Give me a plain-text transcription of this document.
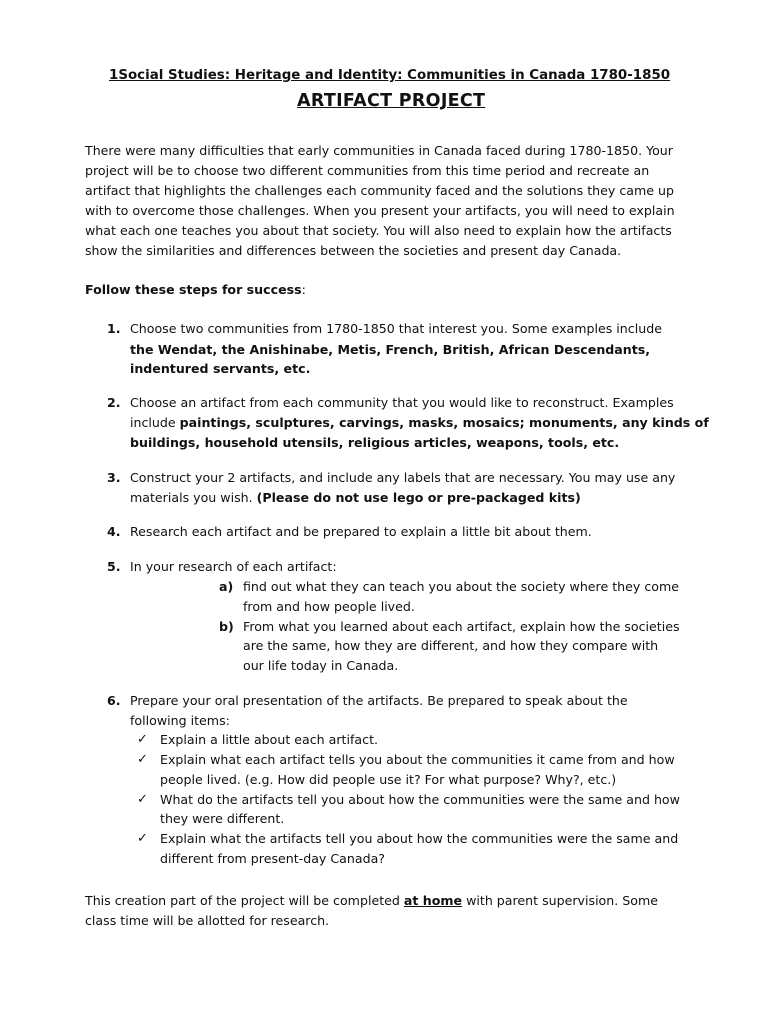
1Social Studies: Heritage and Identity: Communities in Canada 1780-1850
ARTIFACT PROJECT
There were many difficulties that early communities in Canada faced during 1780-1850. Your
project will be to choose two different communities from this time period and recreate an
artifact that highlights the challenges each community faced and the solutions they came up
with to overcome those challenges. When you present your artifacts, you will need to explain
what each one teaches you about that society. You will also need to explain how the artifacts
show the similarities and differences between the societies and present day Canada.
Follow these steps for success:
1. Choose two communities from 1780-1850 that interest you. Some examples include
the Wendat, the Anishinabe, Metis, French, British, African Descendants,
indentured servants, etc.
2. Choose an artifact from each community that you would like to reconstruct. Examples
include paintings, sculptures, carvings, masks, mosaics; monuments, any kinds of
buildings, household utensils, religious articles, weapons, tools, etc.
3. Construct your 2 artifacts, and include any labels that are necessary. You may use any
materials you wish. (Please do not use lego or pre-packaged kits)
4. Research each artifact and be prepared to explain a little bit about them.
5. In your research of each artifact:
a) find out what they can teach you about the society where they come
from and how people lived.
b) From what you learned about each artifact, explain how the societies
are the same, how they are different, and how they compare with
our life today in Canada.
6. Prepare your oral presentation of the artifacts. Be prepared to speak about the
following items:
✓ Explain a little about each artifact.
✓ Explain what each artifact tells you about the communities it came from and how
people lived. (e.g. How did people use it? For what purpose? Why?, etc.)
✓ What do the artifacts tell you about how the communities were the same and how
they were different.
✓ Explain what the artifacts tell you about how the communities were the same and
different from present-day Canada?
This creation part of the project will be completed at home with parent supervision. Some
class time will be allotted for research.
